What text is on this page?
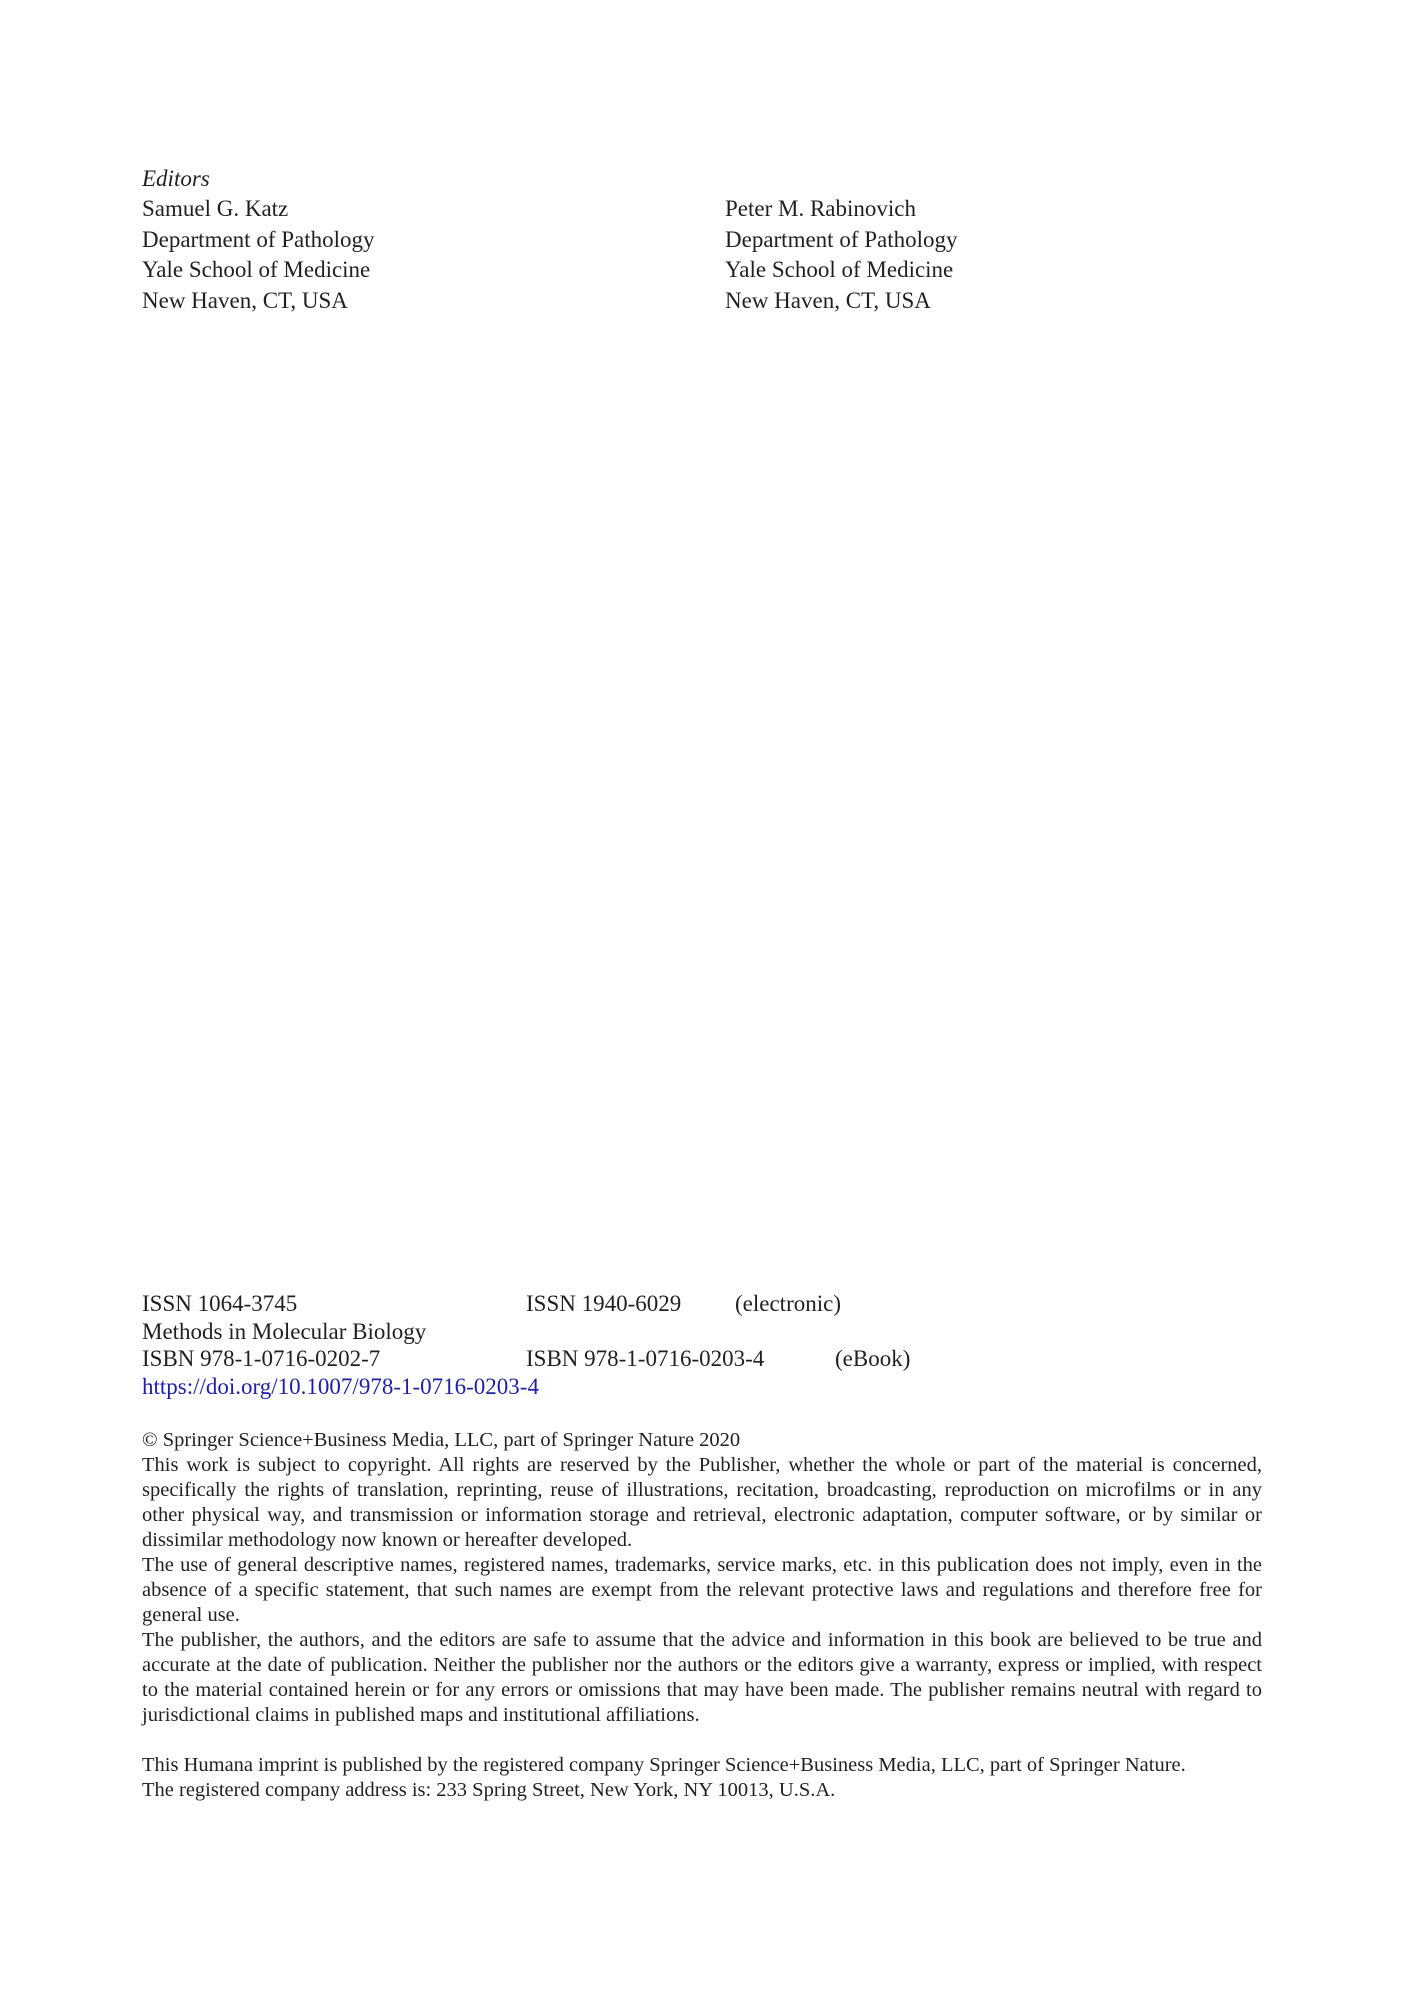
Editors
Samuel G. Katz
Department of Pathology
Yale School of Medicine
New Haven, CT, USA
Peter M. Rabinovich
Department of Pathology
Yale School of Medicine
New Haven, CT, USA
ISSN 1064-3745	ISSN 1940-6029 (electronic)
Methods in Molecular Biology
ISBN 978-1-0716-0202-7	ISBN 978-1-0716-0203-4	(eBook)
https://doi.org/10.1007/978-1-0716-0203-4

© Springer Science+Business Media, LLC, part of Springer Nature 2020

This work is subject to copyright. All rights are reserved by the Publisher, whether the whole or part of the material is concerned, specifically the rights of translation, reprinting, reuse of illustrations, recitation, broadcasting, reproduction on microfilms or in any other physical way, and transmission or information storage and retrieval, electronic adaptation, computer software, or by similar or dissimilar methodology now known or hereafter developed.

The use of general descriptive names, registered names, trademarks, service marks, etc. in this publication does not imply, even in the absence of a specific statement, that such names are exempt from the relevant protective laws and regulations and therefore free for general use.

The publisher, the authors, and the editors are safe to assume that the advice and information in this book are believed to be true and accurate at the date of publication. Neither the publisher nor the authors or the editors give a warranty, express or implied, with respect to the material contained herein or for any errors or omissions that may have been made. The publisher remains neutral with regard to jurisdictional claims in published maps and institutional affiliations.

This Humana imprint is published by the registered company Springer Science+Business Media, LLC, part of Springer Nature.

The registered company address is: 233 Spring Street, New York, NY 10013, U.S.A.
